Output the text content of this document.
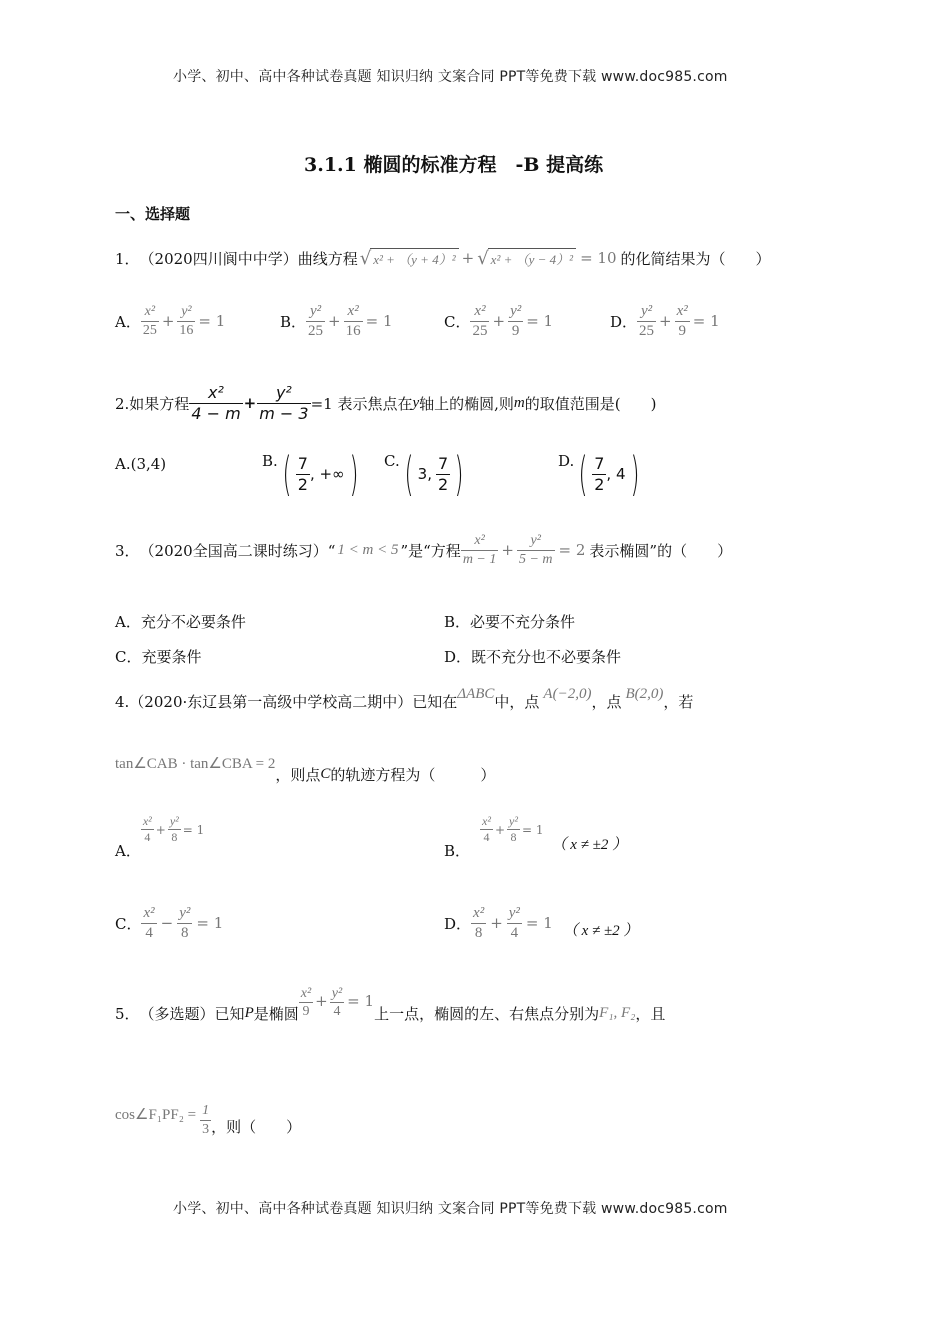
小学、初中、高中各种试卷真题 知识归纳 文案合同 PPT等免费下载 www.doc985.com
3.1.1 椭圆的标准方程　-B 提高练
一、选择题
1． （2020四川阆中中学）曲线方程 √ x² + （y + 4）² + √ x² + （y − 4）² = 10 的化简结果为（　　）
A． $\frac{\text{x²}}{25} + \frac{\text{y²}}{16} = 1$	B． $\frac{\text{y²}}{25} + \frac{\text{x²}}{16} = 1$	C． $\frac{\text{x²}}{25} + \frac{\text{y²}}{9} = 1$	D． $\frac{\text{y²}}{25} + \frac{\text{x²}}{9} = 1$
2.如果方程 $\frac{\text{x²}}{4 - m} + \frac{\text{y²}}{m - 3} =1$ 表示焦点在 y 轴上的椭圆,则 m 的取值范围是(　　)
A.(3,4)	B. ( $\frac{7}{2}$ , +∞ ) C. ( 3, $\frac{7}{2}$ )	D. ( $\frac{7}{2}$ , 4 )
3． （2020全国高二课时练习）“ 1 < m < 5 ”是“方程 $\frac{\text{x²}}{m - 1} + \frac{\text{y²}}{5 - m} = 2$ 表示椭圆”的（　　）
A．充分不必要条件	B．必要不充分条件
C．充要条件	D．既不充分也不必要条件
4.（2020·东辽县第一高级中学校高二期中）已知在 ΔABC 中，点 A(−2,0) ，点 B(2,0) ，若
tan∠CAB · tan∠CBA = 2
，则点 C 的轨迹方程为（　　　）
A．
$\frac{\text{x²}}{4} + \frac{\text{y²}}{8} = 1$
B．
$\frac{\text{x²}}{4} + \frac{\text{y²}}{8} = 1$
（ x ≠ ±2 ）
C． $\frac{\text{x²}}{4} - \frac{\text{y²}}{8} = 1$	D． $\frac{\text{x²}}{8} + \frac{\text{y²}}{4} = 1$ （ x ≠ ±2 ）
5． （多选题）已知 P 是椭圆 $\frac{\text{x²}}{9} + \frac{\text{y²}}{4} = 1$
上一点，椭圆的左、右焦点分别为 F₁, F₂ ，且
cos∠F₁PF₂ = $\frac{1}{3}$ ，则（　　）
小学、初中、高中各种试卷真题 知识归纳 文案合同 PPT等免费下载 www.doc985.com
